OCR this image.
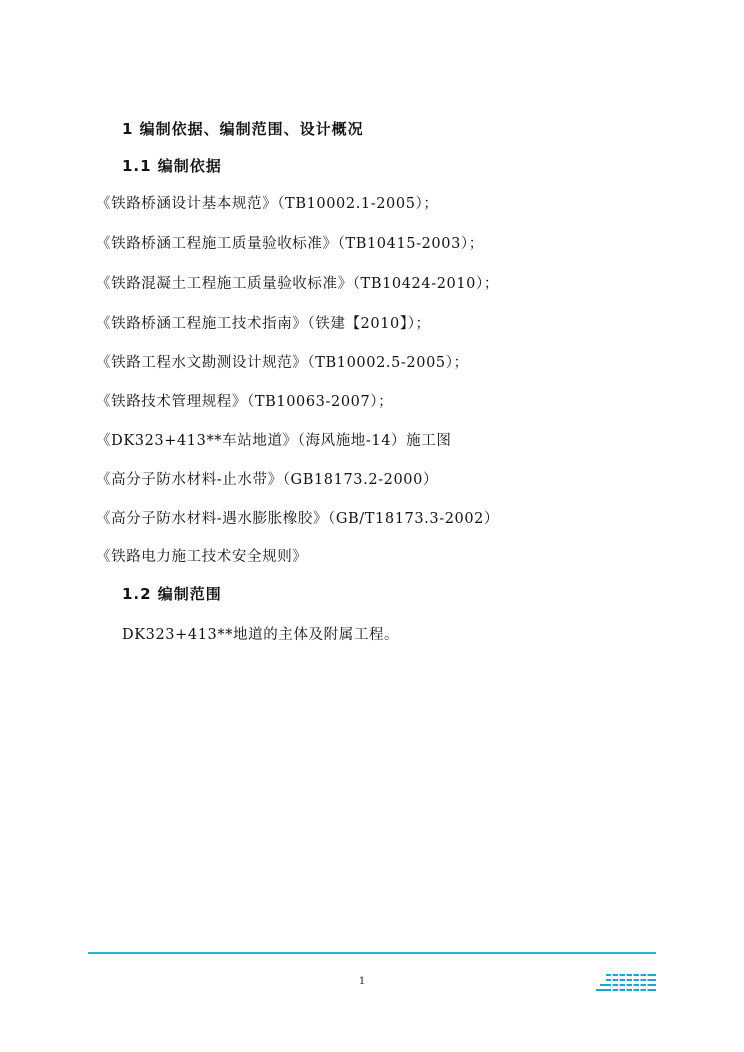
1 编制依据、编制范围、设计概况
1.1 编制依据
《铁路桥涵设计基本规范》（TB10002.1-2005）；
《铁路桥涵工程施工质量验收标准》（TB10415-2003）；
《铁路混凝土工程施工质量验收标准》（TB10424-2010）；
《铁路桥涵工程施工技术指南》（铁建【2010】）；
《铁路工程水文勘测设计规范》（TB10002.5-2005）；
《铁路技术管理规程》（TB10063-2007）；
《DK323+413**车站地道》（海风施地-14）施工图
《高分子防水材料-止水带》（GB18173.2-2000）
《高分子防水材料-遇水膨胀橡胶》（GB/T18173.3-2002）
《铁路电力施工技术安全规则》
1.2 编制范围
DK323+413**地道的主体及附属工程。
1
